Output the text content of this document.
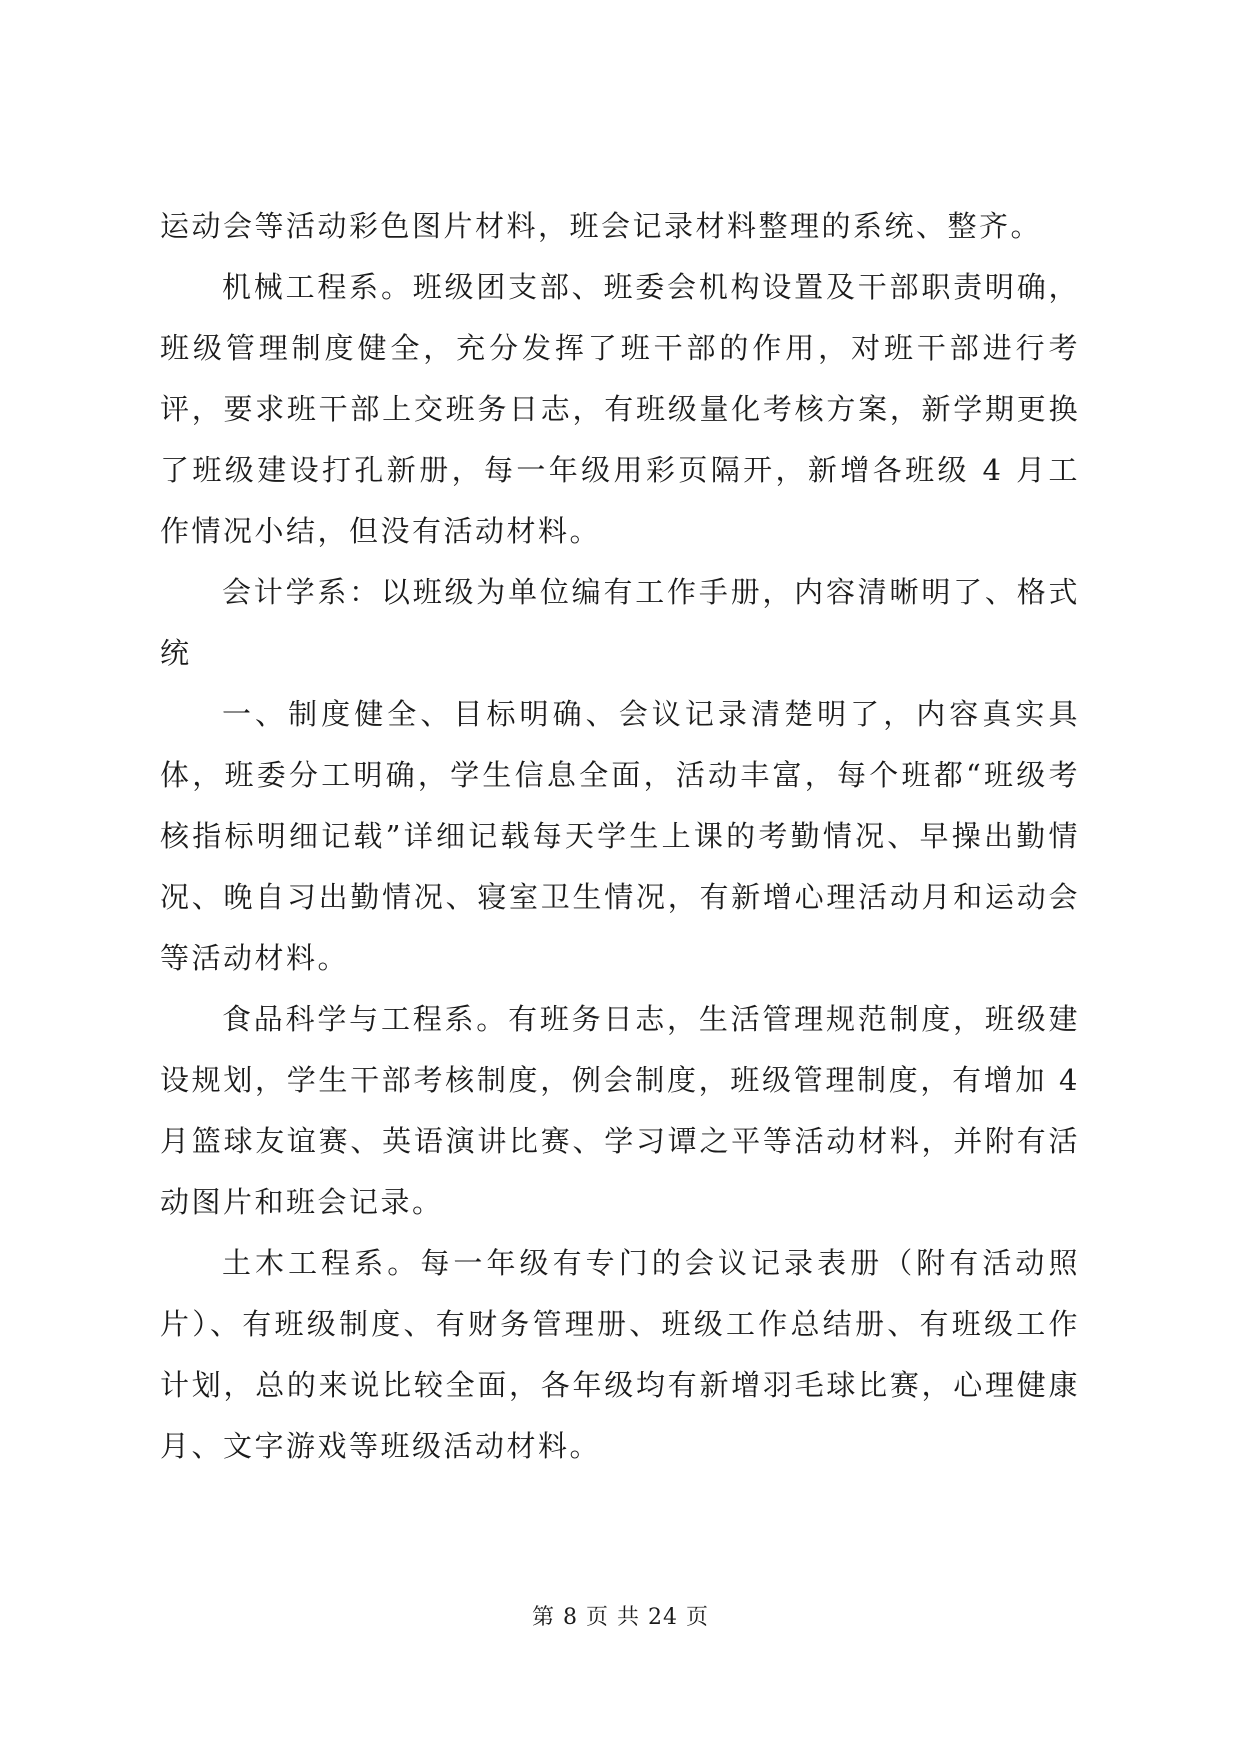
运动会等活动彩色图片材料，班会记录材料整理的系统、整齐。

机械工程系。班级团支部、班委会机构设置及干部职责明确，班级管理制度健全，充分发挥了班干部的作用，对班干部进行考评，要求班干部上交班务日志，有班级量化考核方案，新学期更换了班级建设打孔新册，每一年级用彩页隔开，新增各班级 4 月工作情况小结，但没有活动材料。

会计学系：以班级为单位编有工作手册，内容清晰明了、格式统

一、制度健全、目标明确、会议记录清楚明了，内容真实具体，班委分工明确，学生信息全面，活动丰富，每个班都“班级考核指标明细记载”详细记载每天学生上课的考勤情况、早操出勤情况、晚自习出勤情况、寝室卫生情况，有新增心理活动月和运动会等活动材料。

食品科学与工程系。有班务日志，生活管理规范制度，班级建设规划，学生干部考核制度，例会制度，班级管理制度，有增加 4 月篮球友谊赛、英语演讲比赛、学习谭之平等活动材料，并附有活动图片和班会记录。

土木工程系。每一年级有专门的会议记录表册（附有活动照片）、有班级制度、有财务管理册、班级工作总结册、有班级工作计划，总的来说比较全面，各年级均有新增羽毛球比赛，心理健康月、文字游戏等班级活动材料。

第 8 页 共 24 页
